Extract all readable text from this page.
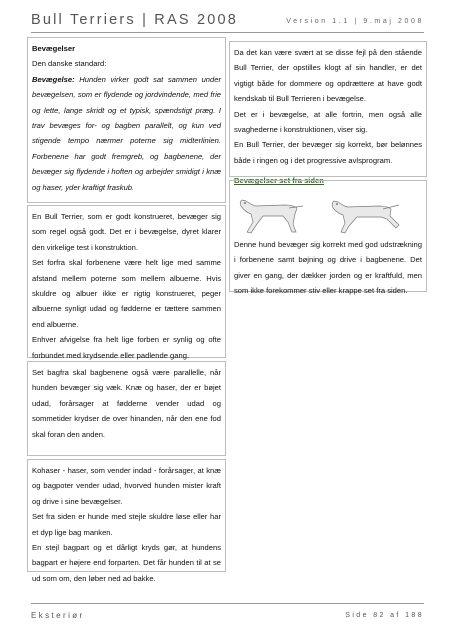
Bull Terriers | RAS 2008	Version 1.1 | 9.maj 2008

Bevægelser

Den danske standard:

Bevægelse: Hunden virker godt sat sammen under bevægelsen, som er flydende og jordvindende, med frie og lette, lange skridt og et typisk, spændstigt præg. I trav bevæges for- og bagben parallelt, og kun ved stigende tempo nærmer poterne sig midterlinien. Forbenene har godt fremgreb, og bagbenene, der bevæger sig flydende i hoften og arbejder smidigt i knæ og haser, yder kraftigt fraskub.

En Bull Terrier, som er godt konstrueret, bevæger sig som regel også godt. Det er i bevægelse, dyret klarer den virkelige test i konstruktion.

Set forfra skal forbenene være helt lige med samme afstand mellem poterne som mellem albuerne. Hvis skuldre og albuer ikke er rigtig konstrueret, peger albuerne synligt udad og fødderne er tættere sammen end albuerne.

Enhver afvigelse fra helt lige forben er synlig og ofte forbundet med krydsende eller padlende gang.

Set bagfra skal bagbenene også være parallelle, når hunden bevæger sig væk. Knæ og haser, der er bøjet udad, forårsager at fødderne vender udad og sommetider krydser de over hinanden, når den ene fod skal foran den anden.

Kohaser - haser, som vender indad - forårsager, at knæ og bagpoter vender udad, hvorved hunden mister kraft og drive i sine bevægelser.

Set fra siden er hunde med stejle skuldre løse eller har et dyp lige bag manken.

En stejl bagpart og et dårligt kryds gør, at hundens bagpart er højere end forparten. Det får hunden til at se ud som om, den løber ned ad bakke.

Da det kan være svært at se disse fejl på den stående Bull Terrier, der opstilles klogt af sin handler, er det vigtigt både for dommere og opdrættere at have godt kendskab til Bull Terrieren i bevægelse.

Det er i bevægelse, at alle fortrin, men også alle svaghederne i konstruktionen, viser sig.

En Bull Terrier, der bevæger sig korrekt, bør belønnes både i ringen og i det progressive avlsprogram.

Bevægelser set fra siden

Denne hund bevæger sig korrekt med god udstrækning i forbenene samt bøjning og drive i bagbenene. Det giver en gang, der dækker jorden og er kraftfuld, men som ikke forekommer stiv eller krappe set fra siden.

Eksteriør	Side 82 af 188
